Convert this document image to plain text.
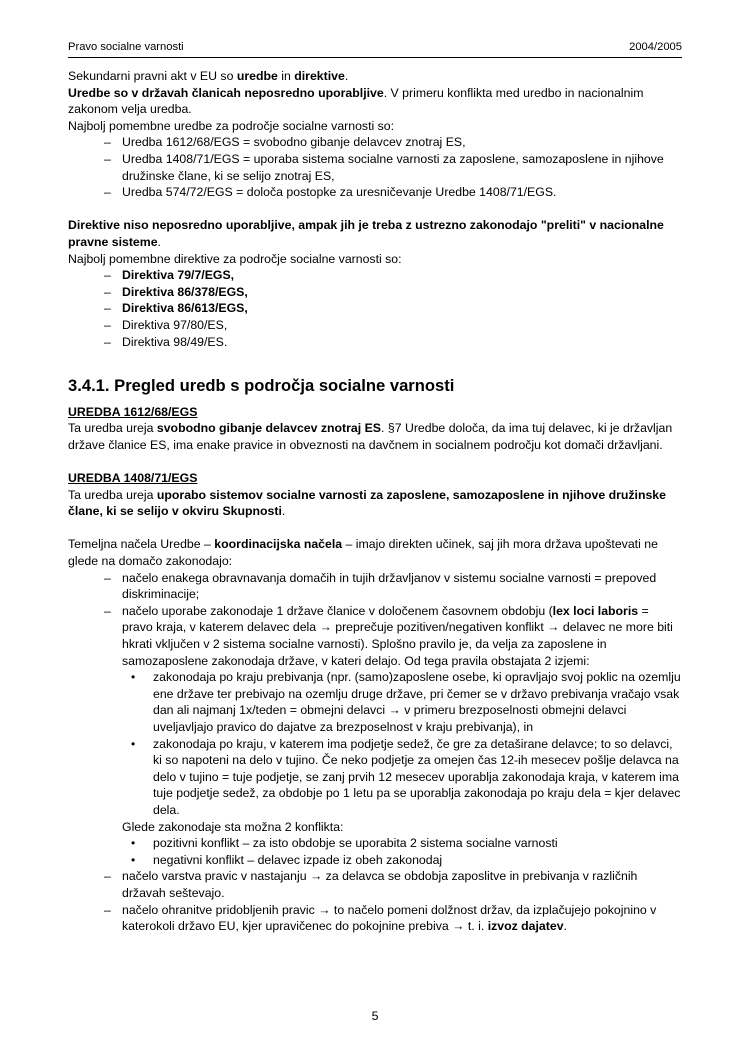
Pravo socialne varnosti	2004/2005

Sekundarni pravni akt v EU so uredbe in direktive.

Uredbe so v državah članicah neposredno uporabljive. V primeru konflikta med uredbo in nacionalnim zakonom velja uredba.

Najbolj pomembne uredbe za področje socialne varnosti so:

– Uredba 1612/68/EGS = svobodno gibanje delavcev znotraj ES,
– Uredba 1408/71/EGS = uporaba sistema socialne varnosti za zaposlene, samozaposlene in njihove družinske člane, ki se selijo znotraj ES,
– Uredba 574/72/EGS = določa postopke za uresničevanje Uredbe 1408/71/EGS.

Direktive niso neposredno uporabljive, ampak jih je treba z ustrezno zakonodajo "preliti" v nacionalne pravne sisteme.

Najbolj pomembne direktive za področje socialne varnosti so:

– Direktiva 79/7/EGS,
– Direktiva 86/378/EGS,
– Direktiva 86/613/EGS,
– Direktiva 97/80/ES,
– Direktiva 98/49/ES.
3.4.1. Pregled uredb s področja socialne varnosti
UREDBA 1612/68/EGS

Ta uredba ureja svobodno gibanje delavcev znotraj ES. §7 Uredbe določa, da ima tuj delavec, ki je državljan države članice ES, ima enake pravice in obveznosti na davčnem in socialnem področju kot domači državljani.

UREDBA 1408/71/EGS

Ta uredba ureja uporabo sistemov socialne varnosti za zaposlene, samozaposlene in njihove družinske člane, ki se selijo v okviru Skupnosti.

Temeljna načela Uredbe – koordinacijska načela – imajo direkten učinek, saj jih mora država upoštevati ne glede na domačo zakonodajo:

– načelo enakega obravnavanja domačih in tujih državljanov v sistemu socialne varnosti = prepoved diskriminacije;
– načelo uporabe zakonodaje 1 države članice v določenem časovnem obdobju (lex loci laboris = pravo kraja, v katerem delavec dela → preprečuje pozitiven/negativen konflikt → delavec ne more biti hkrati vključen v 2 sistema socialne varnosti). Splošno pravilo je, da velja za zaposlene in samozaposlene zakonodaja države, v kateri delajo. Od tega pravila obstajata 2 izjemi:
• zakonodaja po kraju prebivanja (npr. (samo)zaposlene osebe, ki opravljajo svoj poklic na ozemlju ene države ter prebivajo na ozemlju druge države, pri čemer se v državo prebivanja vračajo vsak dan ali najmanj 1x/teden = obmejni delavci → v primeru brezposelnosti obmejni delavci uveljavljajo pravico do dajatve za brezposelnost v kraju prebivanja), in
• zakonodaja po kraju, v katerem ima podjetje sedež, če gre za detaširane delavce; to so delavci, ki so napoteni na delo v tujino. Če neko podjetje za omejen čas 12-ih mesecev pošlje delavca na delo v tujino = tuje podjetje, se zanj prvih 12 mesecev uporablja zakonodaja kraja, v katerem ima tuje podjetje sedež, za obdobje po 1 letu pa se uporablja zakonodaja po kraju dela = kjer delavec dela.

Glede zakonodaje sta možna 2 konflikta:

• pozitivni konflikt – za isto obdobje se uporabita 2 sistema socialne varnosti
• negativni konflikt – delavec izpade iz obeh zakonodaj
– načelo varstva pravic v nastajanju → za delavca se obdobja zaposlitve in prebivanja v različnih državah seštevajo.
– načelo ohranitve pridobljenih pravic → to načelo pomeni dolžnost držav, da izplačujejo pokojnino v katerokoli državo EU, kjer upravičenec do pokojnine prebiva → t. i. izvoz dajatev.
5
